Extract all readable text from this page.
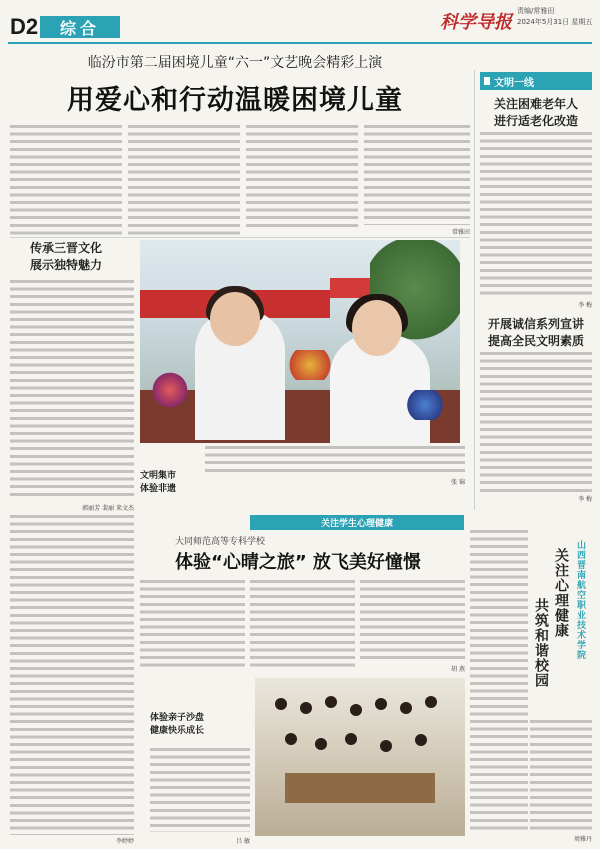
D2	综合	科学导报
责编/常雅田
2024年5月31日 星期五
临汾市第二届困境儿童“六一”文艺晚会精彩上演
用爱心和行动温暖困境儿童
常雅田
文明一线
关注困难老年人
进行适老化改造
李 梅
开展诚信系列宣讲
提高全民文明素质
李 梅
传承三晋文化
展示独特魅力
郭丽芳 裴丽 来文杰
文明集市
体验非遗
张 锦
李婷婷
关注学生心理健康
大同师范高等专科学校
体验“心晴之旅” 放飞美好憧憬
胡 燕
体验亲子沙盘
健康快乐成长
吕 敏
山西晋南航空职业技术学院
关注心理健康
共筑和谐校园
周雅丹
